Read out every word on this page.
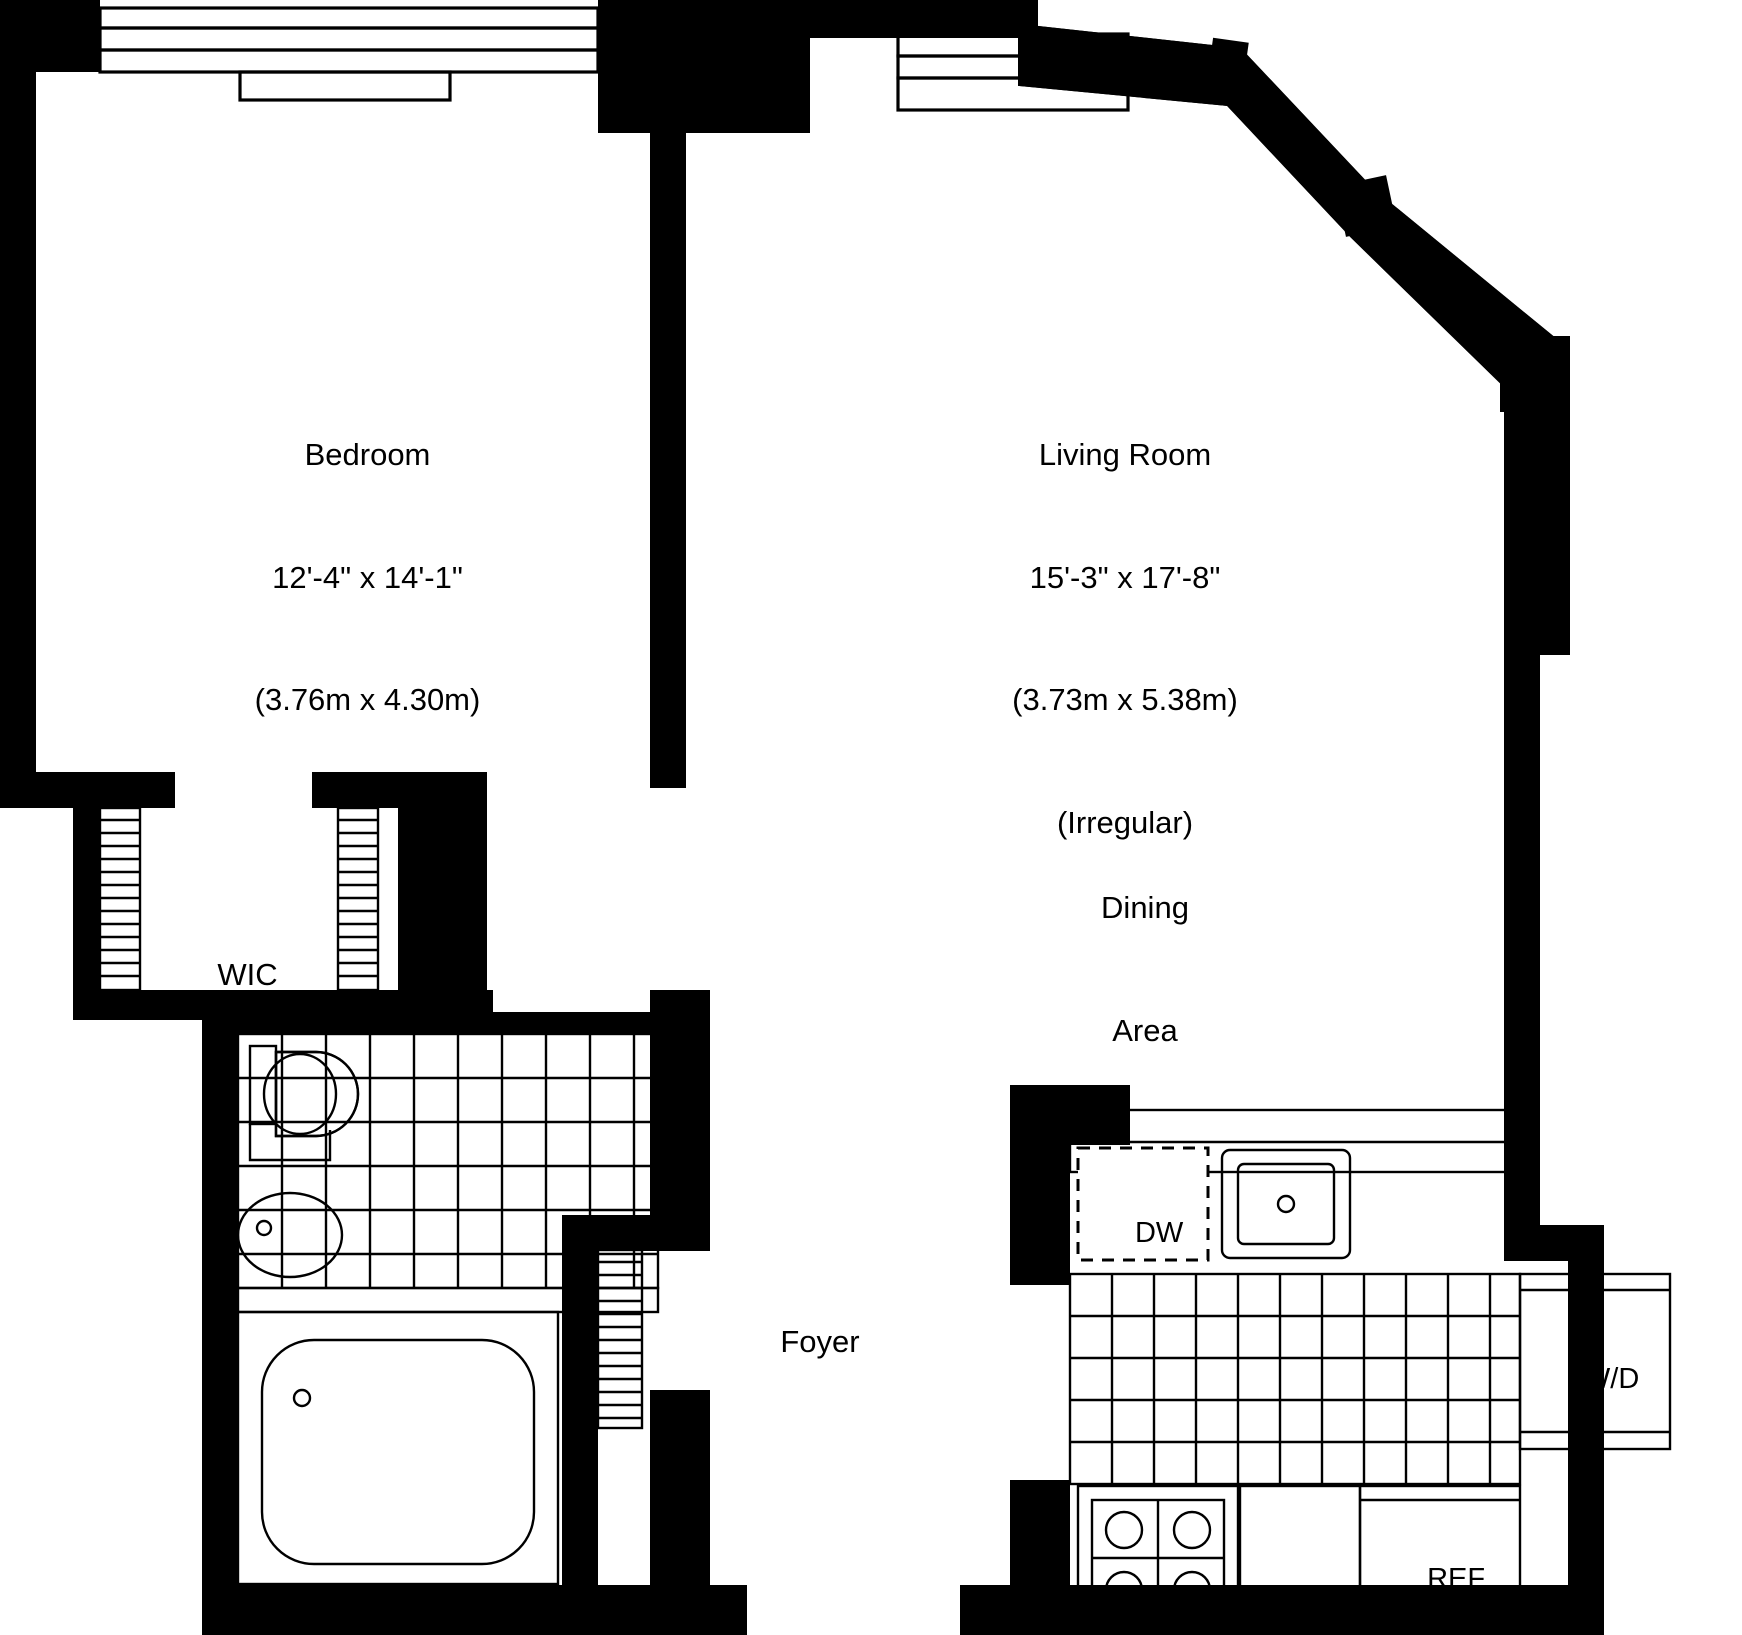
Bedroom

12'-4" x 14'-1"

(3.76m x 4.30m)

Living Room

15'-3" x 17'-8"

(3.73m x 5.38m)

(Irregular)

Dining

Area

WIC

Foyer

DW

W/D

REF
